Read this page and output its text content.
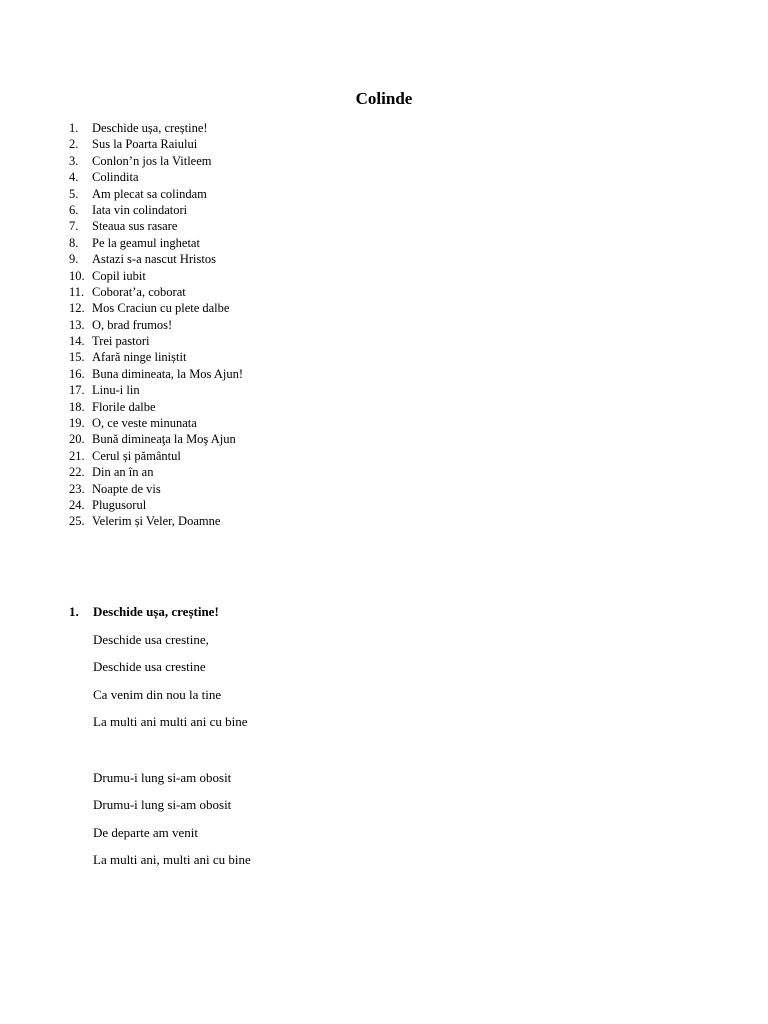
Colinde
1.	Deschide ușa, creștine!
2.	Sus la Poarta Raiului
3.	Conlon’n jos la Vitleem
4.	Colindita
5.	Am plecat sa colindam
6.	Iata vin colindatori
7.	Steaua sus rasare
8.	Pe la geamul inghetat
9.	Astazi s-a nascut Hristos
10. Copil iubit
11. Coborat’a, coborat
12. Mos Craciun cu plete dalbe
13. O, brad frumos!
14. Trei pastori
15. Afară ninge liniștit
16. Buna dimineata, la Mos Ajun!
17. Linu-i lin
18. Florile dalbe
19. O, ce veste minunata
20. Bună dimineaţa la Moş Ajun
21. Cerul și pământul
22. Din an în an
23. Noapte de vis
24. Plugusorul
25. Velerim și Veler, Doamne
1.	Deschide ușa, creștine!
Deschide usa crestine,
Deschide usa crestine
Ca venim din nou la tine
La multi ani multi ani cu bine
Drumu-i lung si-am obosit
Drumu-i lung si-am obosit
De departe am venit
La multi ani, multi ani cu bine
